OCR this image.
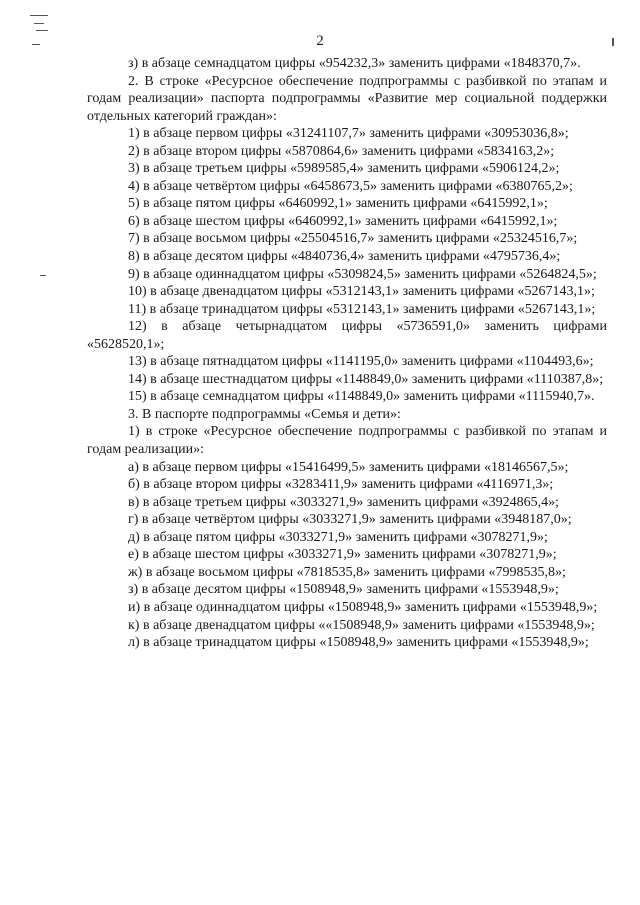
2

з) в абзаце семнадцатом цифры «954232,3» заменить цифрами «1848370,7».

2. В строке «Ресурсное обеспечение подпрограммы с разбивкой по этапам и годам реализации» паспорта подпрограммы «Развитие мер социальной поддержки отдельных категорий граждан»:

1) в абзаце первом цифры «31241107,7» заменить цифрами «30953036,8»;

2) в абзаце втором цифры «5870864,6» заменить цифрами «5834163,2»;

3) в абзаце третьем цифры «5989585,4» заменить цифрами «5906124,2»;

4) в абзаце четвёртом цифры «6458673,5» заменить цифрами «6380765,2»;

5) в абзаце пятом цифры «6460992,1» заменить цифрами «6415992,1»;

6) в абзаце шестом цифры «6460992,1» заменить цифрами «6415992,1»;

7) в абзаце восьмом цифры «25504516,7» заменить цифрами «25324516,7»;

8) в абзаце десятом цифры «4840736,4» заменить цифрами «4795736,4»;

9) в абзаце одиннадцатом цифры «5309824,5» заменить цифрами «5264824,5»;

10) в абзаце двенадцатом цифры «5312143,1» заменить цифрами «5267143,1»;

11) в абзаце тринадцатом цифры «5312143,1» заменить цифрами «5267143,1»;

12) в абзаце четырнадцатом цифры «5736591,0» заменить цифрами «5628520,1»;

13) в абзаце пятнадцатом цифры «1141195,0» заменить цифрами «1104493,6»;

14) в абзаце шестнадцатом цифры «1148849,0» заменить цифрами «1110387,8»;

15) в абзаце семнадцатом цифры «1148849,0» заменить цифрами «1115940,7».

3. В паспорте подпрограммы «Семья и дети»:

1) в строке «Ресурсное обеспечение подпрограммы с разбивкой по этапам и годам реализации»:

а) в абзаце первом цифры «15416499,5» заменить цифрами «18146567,5»;

б) в абзаце втором цифры «3283411,9» заменить цифрами «4116971,3»;

в) в абзаце третьем цифры «3033271,9» заменить цифрами «3924865,4»;

г) в абзаце четвёртом цифры «3033271,9» заменить цифрами «3948187,0»;

д) в абзаце пятом цифры «3033271,9» заменить цифрами «3078271,9»;

е) в абзаце шестом цифры «3033271,9» заменить цифрами «3078271,9»;

ж) в абзаце восьмом цифры «7818535,8» заменить цифрами «7998535,8»;

з) в абзаце десятом цифры «1508948,9» заменить цифрами «1553948,9»;

и) в абзаце одиннадцатом цифры «1508948,9» заменить цифрами «1553948,9»;

к) в абзаце двенадцатом цифры ««1508948,9» заменить цифрами «1553948,9»;

л) в абзаце тринадцатом цифры «1508948,9» заменить цифрами «1553948,9»;
